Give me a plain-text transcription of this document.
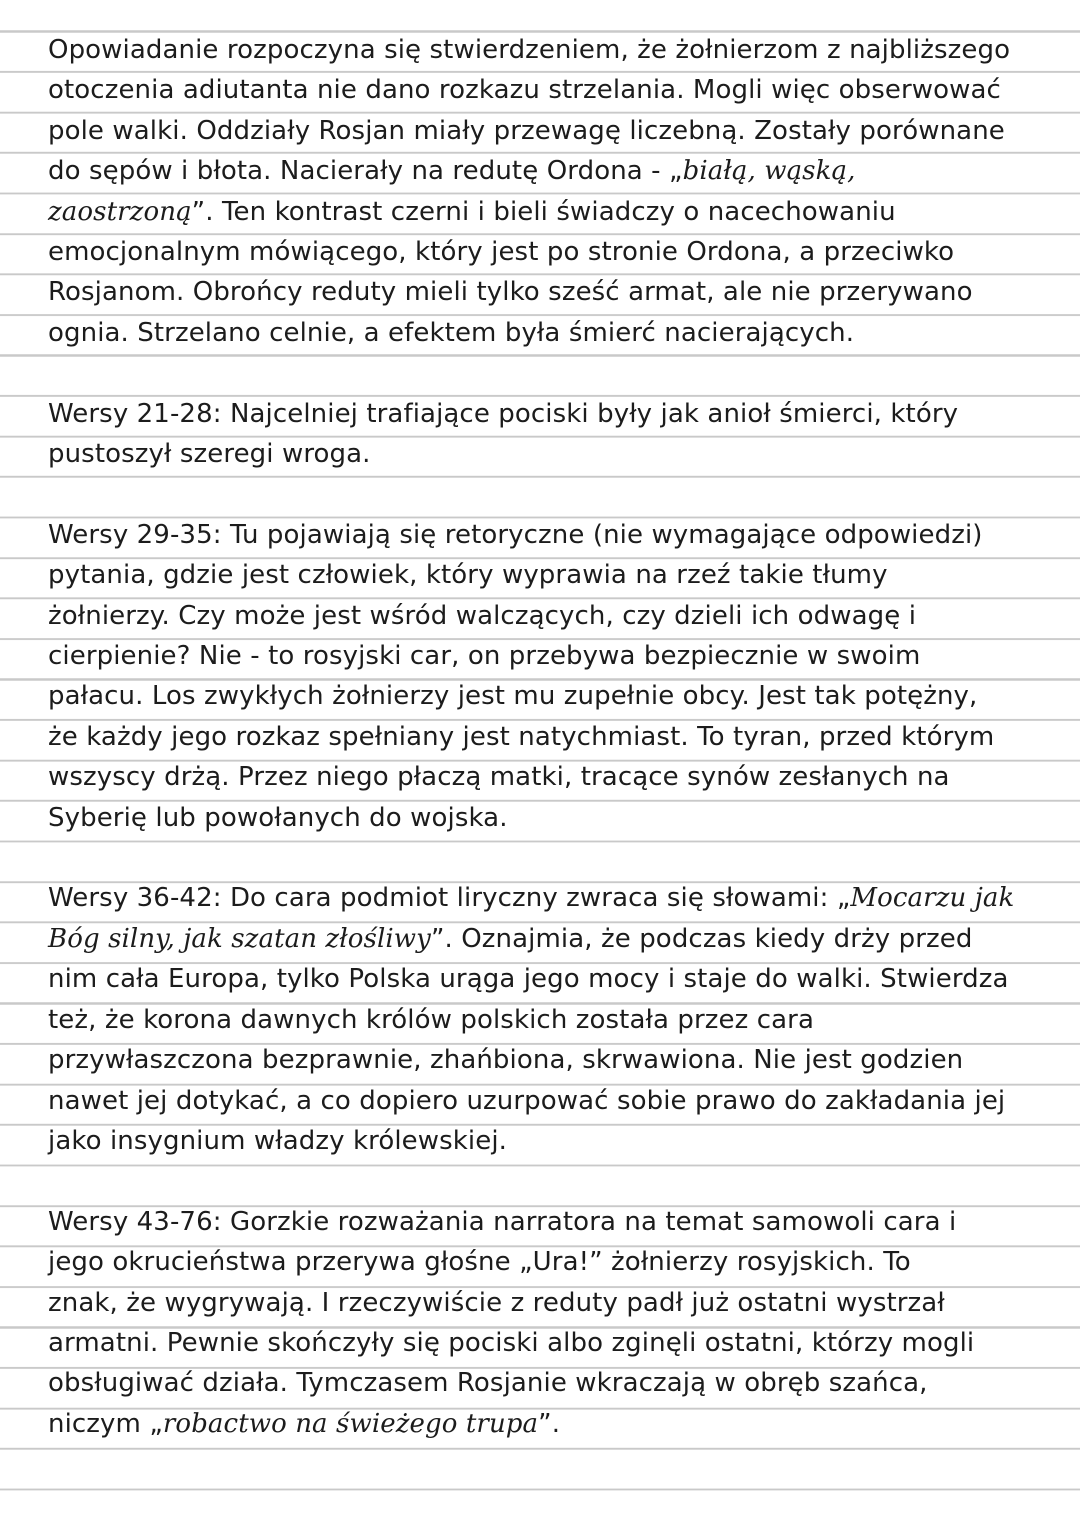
Opowiadanie rozpoczyna się stwierdzeniem, że żołnierzom z najbliższego
otoczenia adiutanta nie dano rozkazu strzelania. Mogli więc obserwować
pole walki. Oddziały Rosjan miały przewagę liczebną. Zostały porównane
do sępów i błota. Nacierały na redutę Ordona - „białą, wąską,
zaostrzoną”. Ten kontrast czerni i bieli świadczy o nacechowaniu
emocjonalnym mówiącego, który jest po stronie Ordona, a przeciwko
Rosjanom. Obrońcy reduty mieli tylko sześć armat, ale nie przerywano
ognia. Strzelano celnie, a efektem była śmierć nacierających.
Wersy 21-28: Najcelniej trafiające pociski były jak anioł śmierci, który
pustoszył szeregi wroga.
Wersy 29-35: Tu pojawiają się retoryczne (nie wymagające odpowiedzi)
pytania, gdzie jest człowiek, który wyprawia na rzeź takie tłumy
żołnierzy. Czy może jest wśród walczących, czy dzieli ich odwagę i
cierpienie? Nie - to rosyjski car, on przebywa bezpiecznie w swoim
pałacu. Los zwykłych żołnierzy jest mu zupełnie obcy. Jest tak potężny,
że każdy jego rozkaz spełniany jest natychmiast. To tyran, przed którym
wszyscy drżą. Przez niego płaczą matki, tracące synów zesłanych na
Syberię lub powołanych do wojska.
Wersy 36-42: Do cara podmiot liryczny zwraca się słowami: „Mocarzu jak
Bóg silny, jak szatan złośliwy”. Oznajmia, że podczas kiedy drży przed
nim cała Europa, tylko Polska urąga jego mocy i staje do walki. Stwierdza
też, że korona dawnych królów polskich została przez cara
przywłaszczona bezprawnie, zhańbiona, skrwawiona. Nie jest godzien
nawet jej dotykać, a co dopiero uzurpować sobie prawo do zakładania jej
jako insygnium władzy królewskiej.
Wersy 43-76: Gorzkie rozważania narratora na temat samowoli cara i
jego okrucieństwa przerywa głośne „Ura!” żołnierzy rosyjskich. To
znak, że wygrywają. I rzeczywiście z reduty padł już ostatni wystrzał
armatni. Pewnie skończyły się pociski albo zginęli ostatni, którzy mogli
obsługiwać działa. Tymczasem Rosjanie wkraczają w obręb szańca,
niczym „robactwo na świeżego trupa”.
